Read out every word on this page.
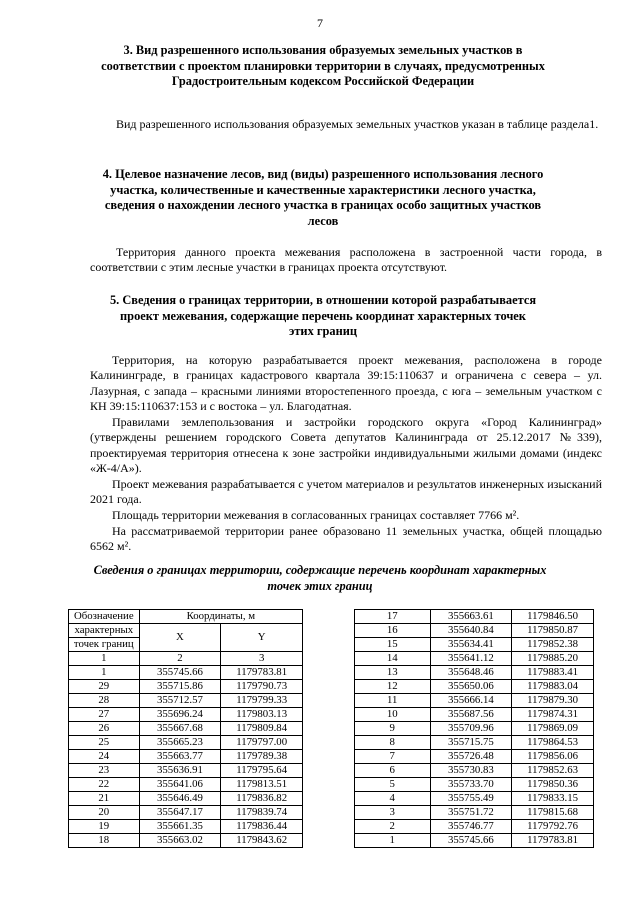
7
3. Вид разрешенного использования образуемых земельных участков в соответствии с проектом планировки территории в случаях, предусмотренных Градостроительным кодексом Российской Федерации
Вид разрешенного использования образуемых земельных участков указан в таблице раздела1.
4. Целевое назначение лесов, вид (виды) разрешенного использования лесного участка, количественные и качественные характеристики лесного участка, сведения о нахождении лесного участка в границах особо защитных участков лесов
Территория данного проекта межевания расположена в застроенной части города, в соответствии с этим лесные участки в границах проекта отсутствуют.
5. Сведения о границах территории, в отношении которой разрабатывается проект межевания, содержащие перечень координат характерных точек этих границ
Территория, на которую разрабатывается проект межевания, расположена в городе Калининграде, в границах кадастрового квартала 39:15:110637 и ограничена с севера – ул. Лазурная, с запада – красными линиями второстепенного проезда, с юга – земельным участком с КН 39:15:110637:153 и с востока – ул. Благодатная.
Правилами землепользования и застройки городского округа «Город Калининград» (утверждены решением городского Совета депутатов Калининграда от 25.12.2017 №339), проектируемая территория отнесена к зоне застройки индивидуальными жилыми домами (индекс «Ж-4/А»).
Проект межевания разрабатывается с учетом материалов и результатов инженерных изысканий 2021 года.
Площадь территории межевания в согласованных границах составляет 7766 м².
На рассматриваемой территории ранее образовано 11 земельных участка, общей площадью 6562 м².
Сведения о границах территории, содержащие перечень координат характерных точек этих границ
Обозначение	Координаты, м	
характерных	X	Y
точек границ		
1	2	3
1	355745.66	1179783.81
29	355715.86	1179790.73
28	355712.57	1179799.33
27	355696.24	1179803.13
26	355667.68	1179809.84
25	355665.23	1179797.00
24	355663.77	1179789.38
23	355636.91	1179795.64
22	355641.06	1179813.51
21	355646.49	1179836.82
20	355647.17	1179839.74
19	355661.35	1179836.44
18	355663.02	1179843.62
17	355663.61	1179846.50
16	355640.84	1179850.87
15	355634.41	1179852.38
14	355641.12	1179885.20
13	355648.46	1179883.41
12	355650.06	1179883.04
11	355666.14	1179879.30
10	355687.56	1179874.31
9	355709.96	1179869.09
8	355715.75	1179864.53
7	355726.48	1179856.06
6	355730.83	1179852.63
5	355733.70	1179850.36
4	355755.49	1179833.15
3	355751.72	1179815.68
2	355746.77	1179792.76
1	355745.66	1179783.81
